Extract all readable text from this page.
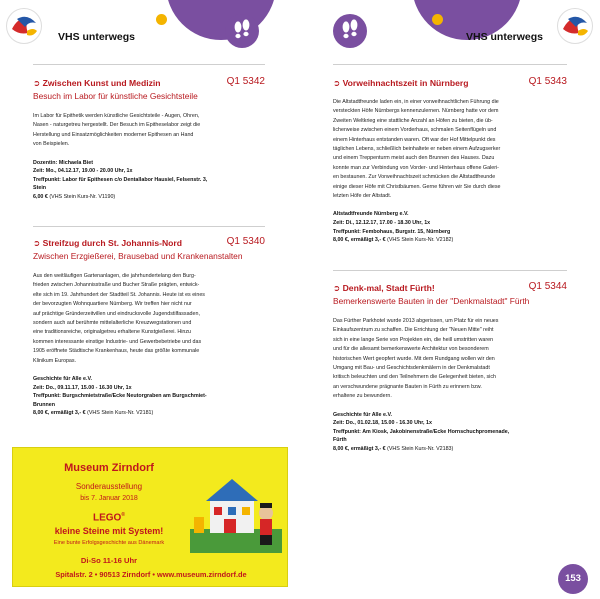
VHS unterwegs
➲ Zwischen Kunst und Medizin	Q1 5342
Besuch im Labor für künstliche Gesichtsteile
Im Labor für Epithetik werden künstliche Gesichtsteile - Augen, Ohren,
Nasen - naturgetreu hergestellt. Der Besuch im Epitheselabor zeigt die
Herstellung und Einsatzmöglichkeiten moderner Epithesen an Hand
von Beispielen.
Dozentin: Michaela Biet
Zeit: Mo., 04.12.17, 19.00 - 20.00 Uhr, 1x
Treffpunkt: Labor für Epithesen c/o Dentallabor Hausiel, Felsenstr. 3,
Stein
6,00 € (VHS Stein Kurs-Nr. V1190)
➲ Streifzug durch St. Johannis-Nord	Q1 5340
Zwischen Erzgießerei, Brausebad und Krankenanstalten
Aus den weitläufigen Gartenanlagen, die jahrhundertelang den Burg-
frieden zwischen Johannisstraße und Bucher Straße prägten, entwick-
elte sich im 19. Jahrhundert der Stadtteil St. Johannis. Heute ist es eines
der bevorzugten Wohnquartiere Nürnberg. Wir treffen hier nicht nur
auf prächtige Gründerzeitvillen und eindrucksvolle Jugendstilfassaden,
sondern auch auf berühmte mittelalterliche Kreuzwegstationen und
eine traditionsreiche, originalgetreu erhaltene Kunstgießerei. Hinzu
kommen interessante einstige Industrie- und Gewerbebetriebe und das
1905 eröffnete Städtische Krankenhaus, heute das größte kommunale
Klinikum Europas.
Geschichte für Alle e.V.
Zeit: Do., 09.11.17, 15.00 - 16.30 Uhr, 1x
Treffpunkt: Burgschmietstraße/Ecke Neutorgraben am Burgschmiet-
Brunnen
8,00 €, ermäßigt 3,- € (VHS Stein Kurs-Nr. V2181)
Museum Zirndorf
Sonderausstellung
bis 7. Januar 2018
LEGO®
kleine Steine mit System!
Eine bunte Erfolgsgeschichte aus Dänemark
Di-So 11-16 Uhr
Spitalstr. 2 • 90513 Zirndorf • www.museum.zirndorf.de
VHS unterwegs
➲ Vorweihnachtszeit in Nürnberg	Q1 5343
Die Altstadtfreunde laden ein, in einer vorweihnachtlichen Führung die
versteckten Höfe Nürnbergs kennenzulernen. Nürnberg hatte vor dem
Zweiten Weltkrieg eine stattliche Anzahl an Höfen zu bieten, die üb-
licherweise zwischen einem Vorderhaus, schmalen Seitenflügeln und
einem Hinterhaus entstanden waren. Oft war der Hof Mittelpunkt des
täglichen Lebens, schließlich beinhaltete er neben einem Aufzugserker
und einem Treppenturm meist auch den Brunnen des Hauses. Dazu
konnte man zur Verbindung von Vorder- und Hinterhaus offene Galeri-
en bestaunen. Zur Vorweihnachtszeit schmücken die Altstadtfreunde
einige dieser Höfe mit Christbäumen. Gerne führen wir Sie durch diese
letzten Höfe der Altstadt.
Altstadtfreunde Nürnberg e.V.
Zeit: Di., 12.12.17, 17.00 - 18.30 Uhr, 1x
Treffpunkt: Fembohaus, Burgstr. 15, Nürnberg
8,00 €, ermäßigt 3,- € (VHS Stein Kurs-Nr. V2182)
➲ Denk-mal, Stadt Fürth!	Q1 5344
Bemerkenswerte Bauten in der "Denkmalstadt" Fürth
Das Fürther Parkhotel wurde 2013 abgerissen, um Platz für ein neues
Einkaufszentrum zu schaffen. Die Errichtung der "Neuen Mitte" reiht
sich in eine lange Serie von Projekten ein, die heill umstritten waren
und für die allesamt bemerkenswerte Architektur von besonderem
historischen Wert geopfert wurde. Mit dem Rundgang wollen wir den
Umgang mit Bau- und Geschichtsdenkmälern in der Denkmalstadt
kritisch beleuchten und den Teilnehmern die Gelegenheit bieten, sich
an verschwundene prägnante Bauten in Fürth zu erinnern bzw.
erhaltene zu bewundern.
Geschichte für Alle e.V.
Zeit: Do., 01.02.18, 15.00 - 16.30 Uhr, 1x
Treffpunkt: Am Kiosk, Jakobinenstraße/Ecke Hornschuchpromenade,
Fürth
8,00 €, ermäßigt 3,- € (VHS Stein Kurs-Nr. V2183)
153
